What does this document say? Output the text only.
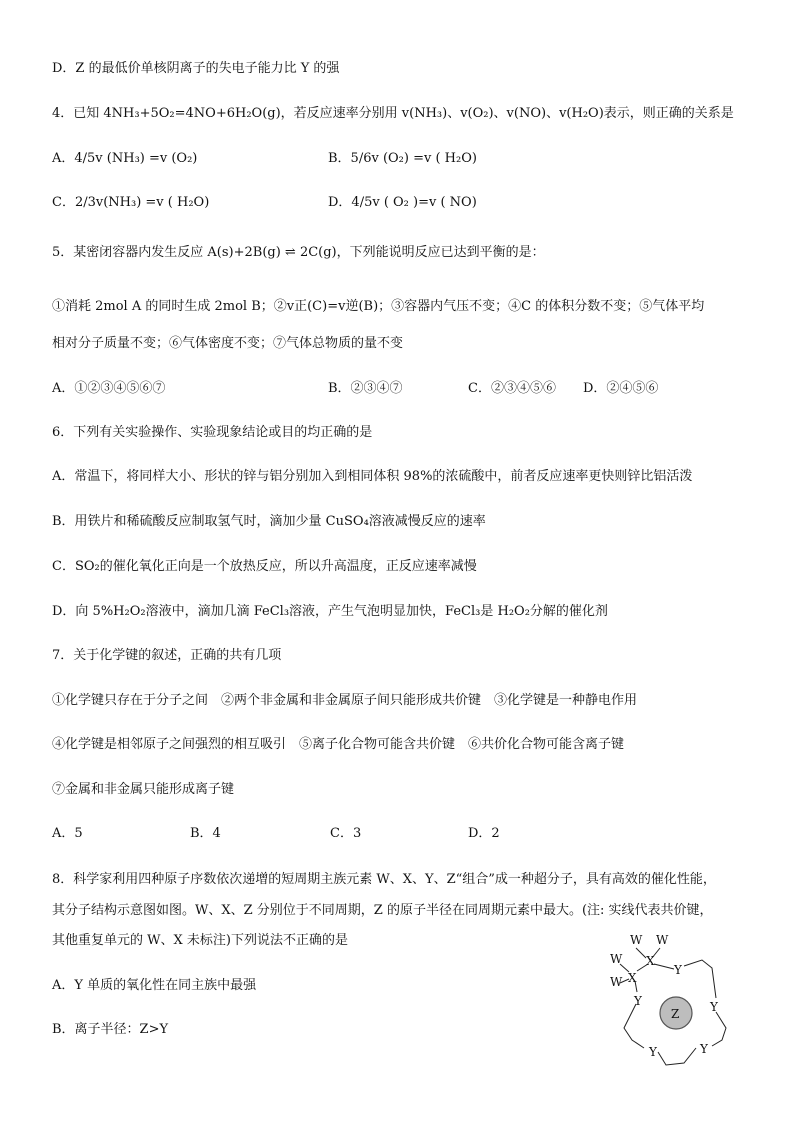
D．Z 的最低价单核阴离子的失电子能力比 Y 的强
4．已知 4NH₃+5O₂=4NO+6H₂O(g)，若反应速率分别用 v(NH₃)、v(O₂)、v(NO)、v(H₂O)表示，则正确的关系是
5．某密闭容器内发生反应 A(s)+2B(g) ⇌ 2C(g)，下列能说明反应已达到平衡的是：
①消耗 2mol A 的同时生成 2mol B；②v正(C)=v逆(B)；③容器内气压不变；④C 的体积分数不变；⑤气体平均
相对分子质量不变；⑥气体密度不变；⑦气体总物质的量不变
6．下列有关实验操作、实验现象结论或目的均正确的是
A．常温下，将同样大小、形状的锌与铝分别加入到相同体积 98%的浓硫酸中，前者反应速率更快则锌比铝活泼
B．用铁片和稀硫酸反应制取氢气时，滴加少量 CuSO₄溶液减慢反应的速率
C．SO₂的催化氧化正向是一个放热反应，所以升高温度，正反应速率减慢
D．向 5%H₂O₂溶液中，滴加几滴 FeCl₃溶液，产生气泡明显加快，FeCl₃是 H₂O₂分解的催化剂
7．关于化学键的叙述，正确的共有几项
①化学键只存在于分子之间　②两个非金属和非金属原子间只能形成共价键　③化学键是一种静电作用
④化学键是相邻原子之间强烈的相互吸引　⑤离子化合物可能含共价键　⑥共价化合物可能含离子键
⑦金属和非金属只能形成离子键
8．科学家利用四种原子序数依次递增的短周期主族元素 W、X、Y、Z“组合”成一种超分子，具有高效的催化性能，
其分子结构示意图如图。W、X、Z 分别位于不同周期，Z 的原子半径在同周期元素中最大。(注: 实线代表共价键，
其他重复单元的 W、X 未标注)下列说法不正确的是
A．Y 单质的氧化性在同主族中最强
B．离子半径：Z>Y
A．4/5v (NH₃) =v (O₂)	B．5/6v (O₂) =v ( H₂O)
C．2/3v(NH₃) =v ( H₂O)	D．4/5v ( O₂ )=v ( NO)
A．①②③④⑤⑥⑦	B．②③④⑦	C．②③④⑤⑥ D．②④⑤⑥
A．5	B．4	C．3	D．2
W W
W
W
X
X
Y
Y	Y
Y
Y
Z
